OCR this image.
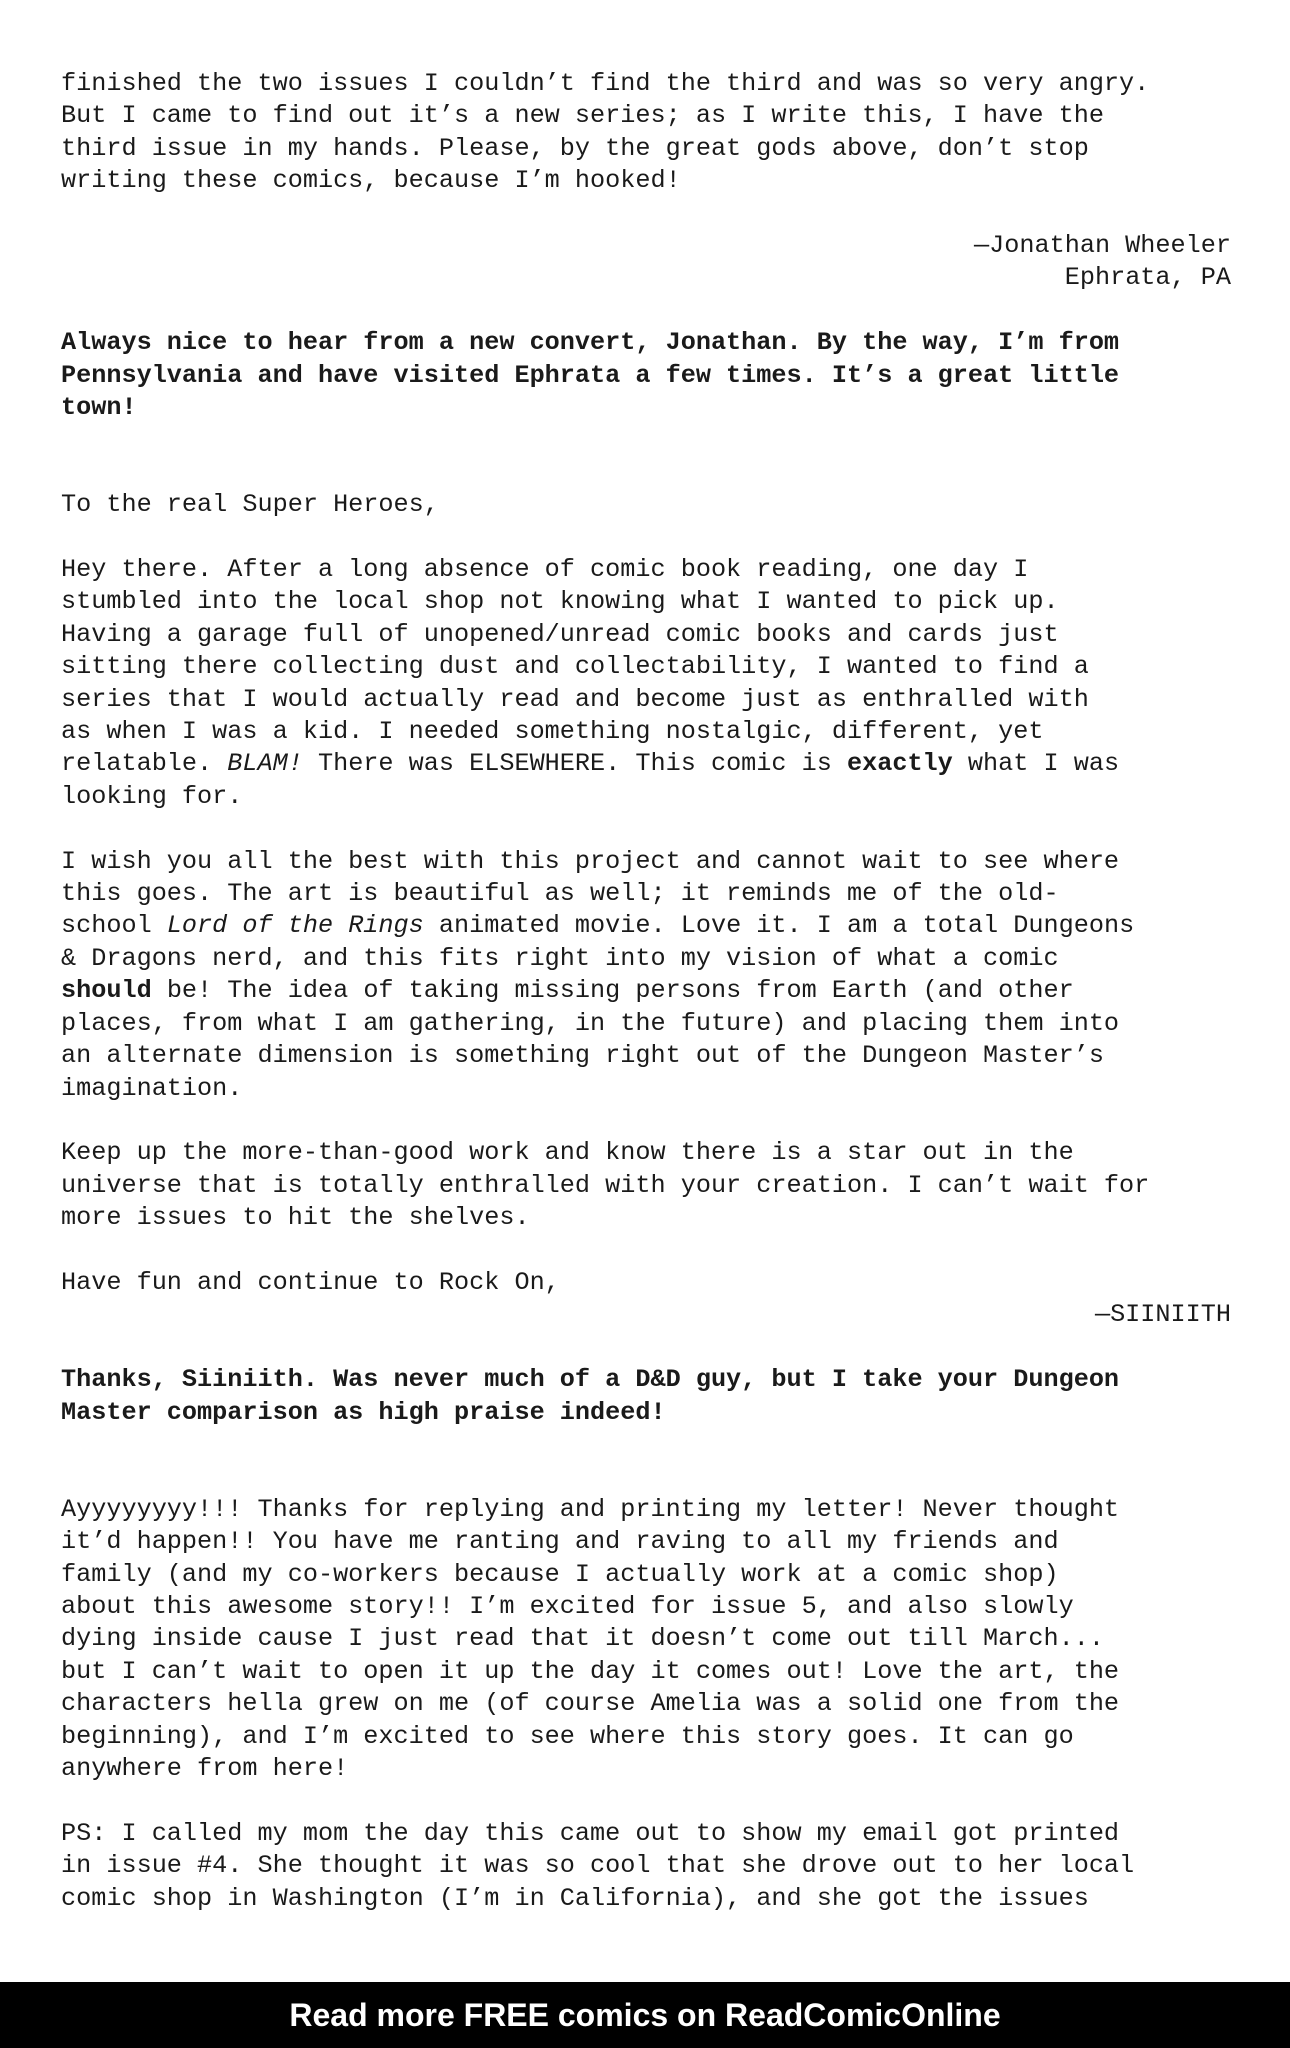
finished the two issues I couldn’t find the third and was so very angry.
But I came to find out it’s a new series; as I write this, I have the
third issue in my hands. Please, by the great gods above, don’t stop
writing these comics, because I’m hooked!

—Jonathan Wheeler

Ephrata, PA

Always nice to hear from a new convert, Jonathan. By the way, I’m from
Pennsylvania and have visited Ephrata a few times. It’s a great little
town!

To the real Super Heroes,

Hey there. After a long absence of comic book reading, one day I
stumbled into the local shop not knowing what I wanted to pick up.
Having a garage full of unopened/unread comic books and cards just
sitting there collecting dust and collectability, I wanted to find a
series that I would actually read and become just as enthralled with
as when I was a kid. I needed something nostalgic, different, yet
relatable. BLAM! There was ELSEWHERE. This comic is exactly what I was
looking for.

I wish you all the best with this project and cannot wait to see where
this goes. The art is beautiful as well; it reminds me of the old-
school Lord of the Rings animated movie. Love it. I am a total Dungeons
& Dragons nerd, and this fits right into my vision of what a comic
should be! The idea of taking missing persons from Earth (and other
places, from what I am gathering, in the future) and placing them into
an alternate dimension is something right out of the Dungeon Master’s
imagination.

Keep up the more-than-good work and know there is a star out in the
universe that is totally enthralled with your creation. I can’t wait for
more issues to hit the shelves.

Have fun and continue to Rock On,

—SIINIITH

Thanks, Siiniith. Was never much of a D&D guy, but I take your Dungeon
Master comparison as high praise indeed!

Ayyyyyyyy!!! Thanks for replying and printing my letter! Never thought
it’d happen!! You have me ranting and raving to all my friends and
family (and my co-workers because I actually work at a comic shop)
about this awesome story!! I’m excited for issue 5, and also slowly
dying inside cause I just read that it doesn’t come out till March...
but I can’t wait to open it up the day it comes out! Love the art, the
characters hella grew on me (of course Amelia was a solid one from the
beginning), and I’m excited to see where this story goes. It can go
anywhere from here!

PS: I called my mom the day this came out to show my email got printed
in issue #4. She thought it was so cool that she drove out to her local
comic shop in Washington (I’m in California), and she got the issues

Read more FREE comics on ReadComicOnline
